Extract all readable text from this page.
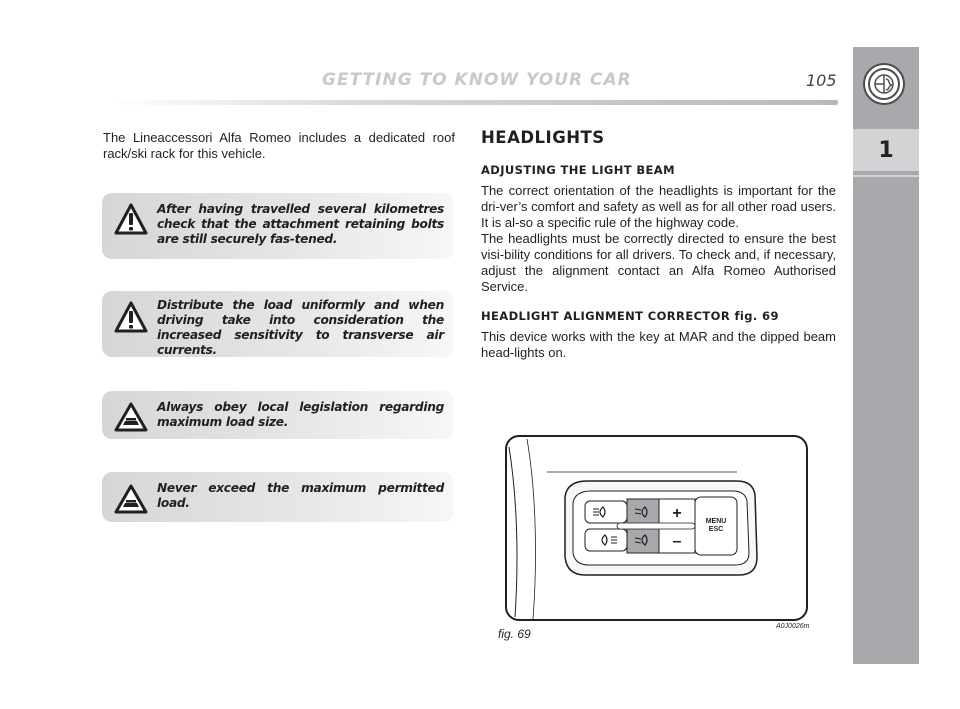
GETTING TO KNOW YOUR CAR	105
1
The Lineaccessori Alfa Romeo includes a dedicated roof rack/ski rack for this vehicle.
After having travelled several kilometres check that the attachment retaining bolts are still securely fas-tened.
Distribute the load uniformly and when driving take into consideration the increased sensitivity to transverse air currents.
Always obey local legislation regarding maximum load size.
Never exceed the maximum permitted load.
HEADLIGHTS
ADJUSTING THE LIGHT BEAM

The correct orientation of the headlights is important for the dri-ver’s comfort and safety as well as for all other road users. It is al-so a specific rule of the highway code.

The headlights must be correctly directed to ensure the best visi-bility conditions for all drivers. To check and, if necessary, adjust the alignment contact an Alfa Romeo Authorised Service.

HEADLIGHT ALIGNMENT CORRECTOR fig. 69

This device works with the key at MAR and the dipped beam head-lights on.

+
–
MENU
ESC
fig. 69
A0J0026m
